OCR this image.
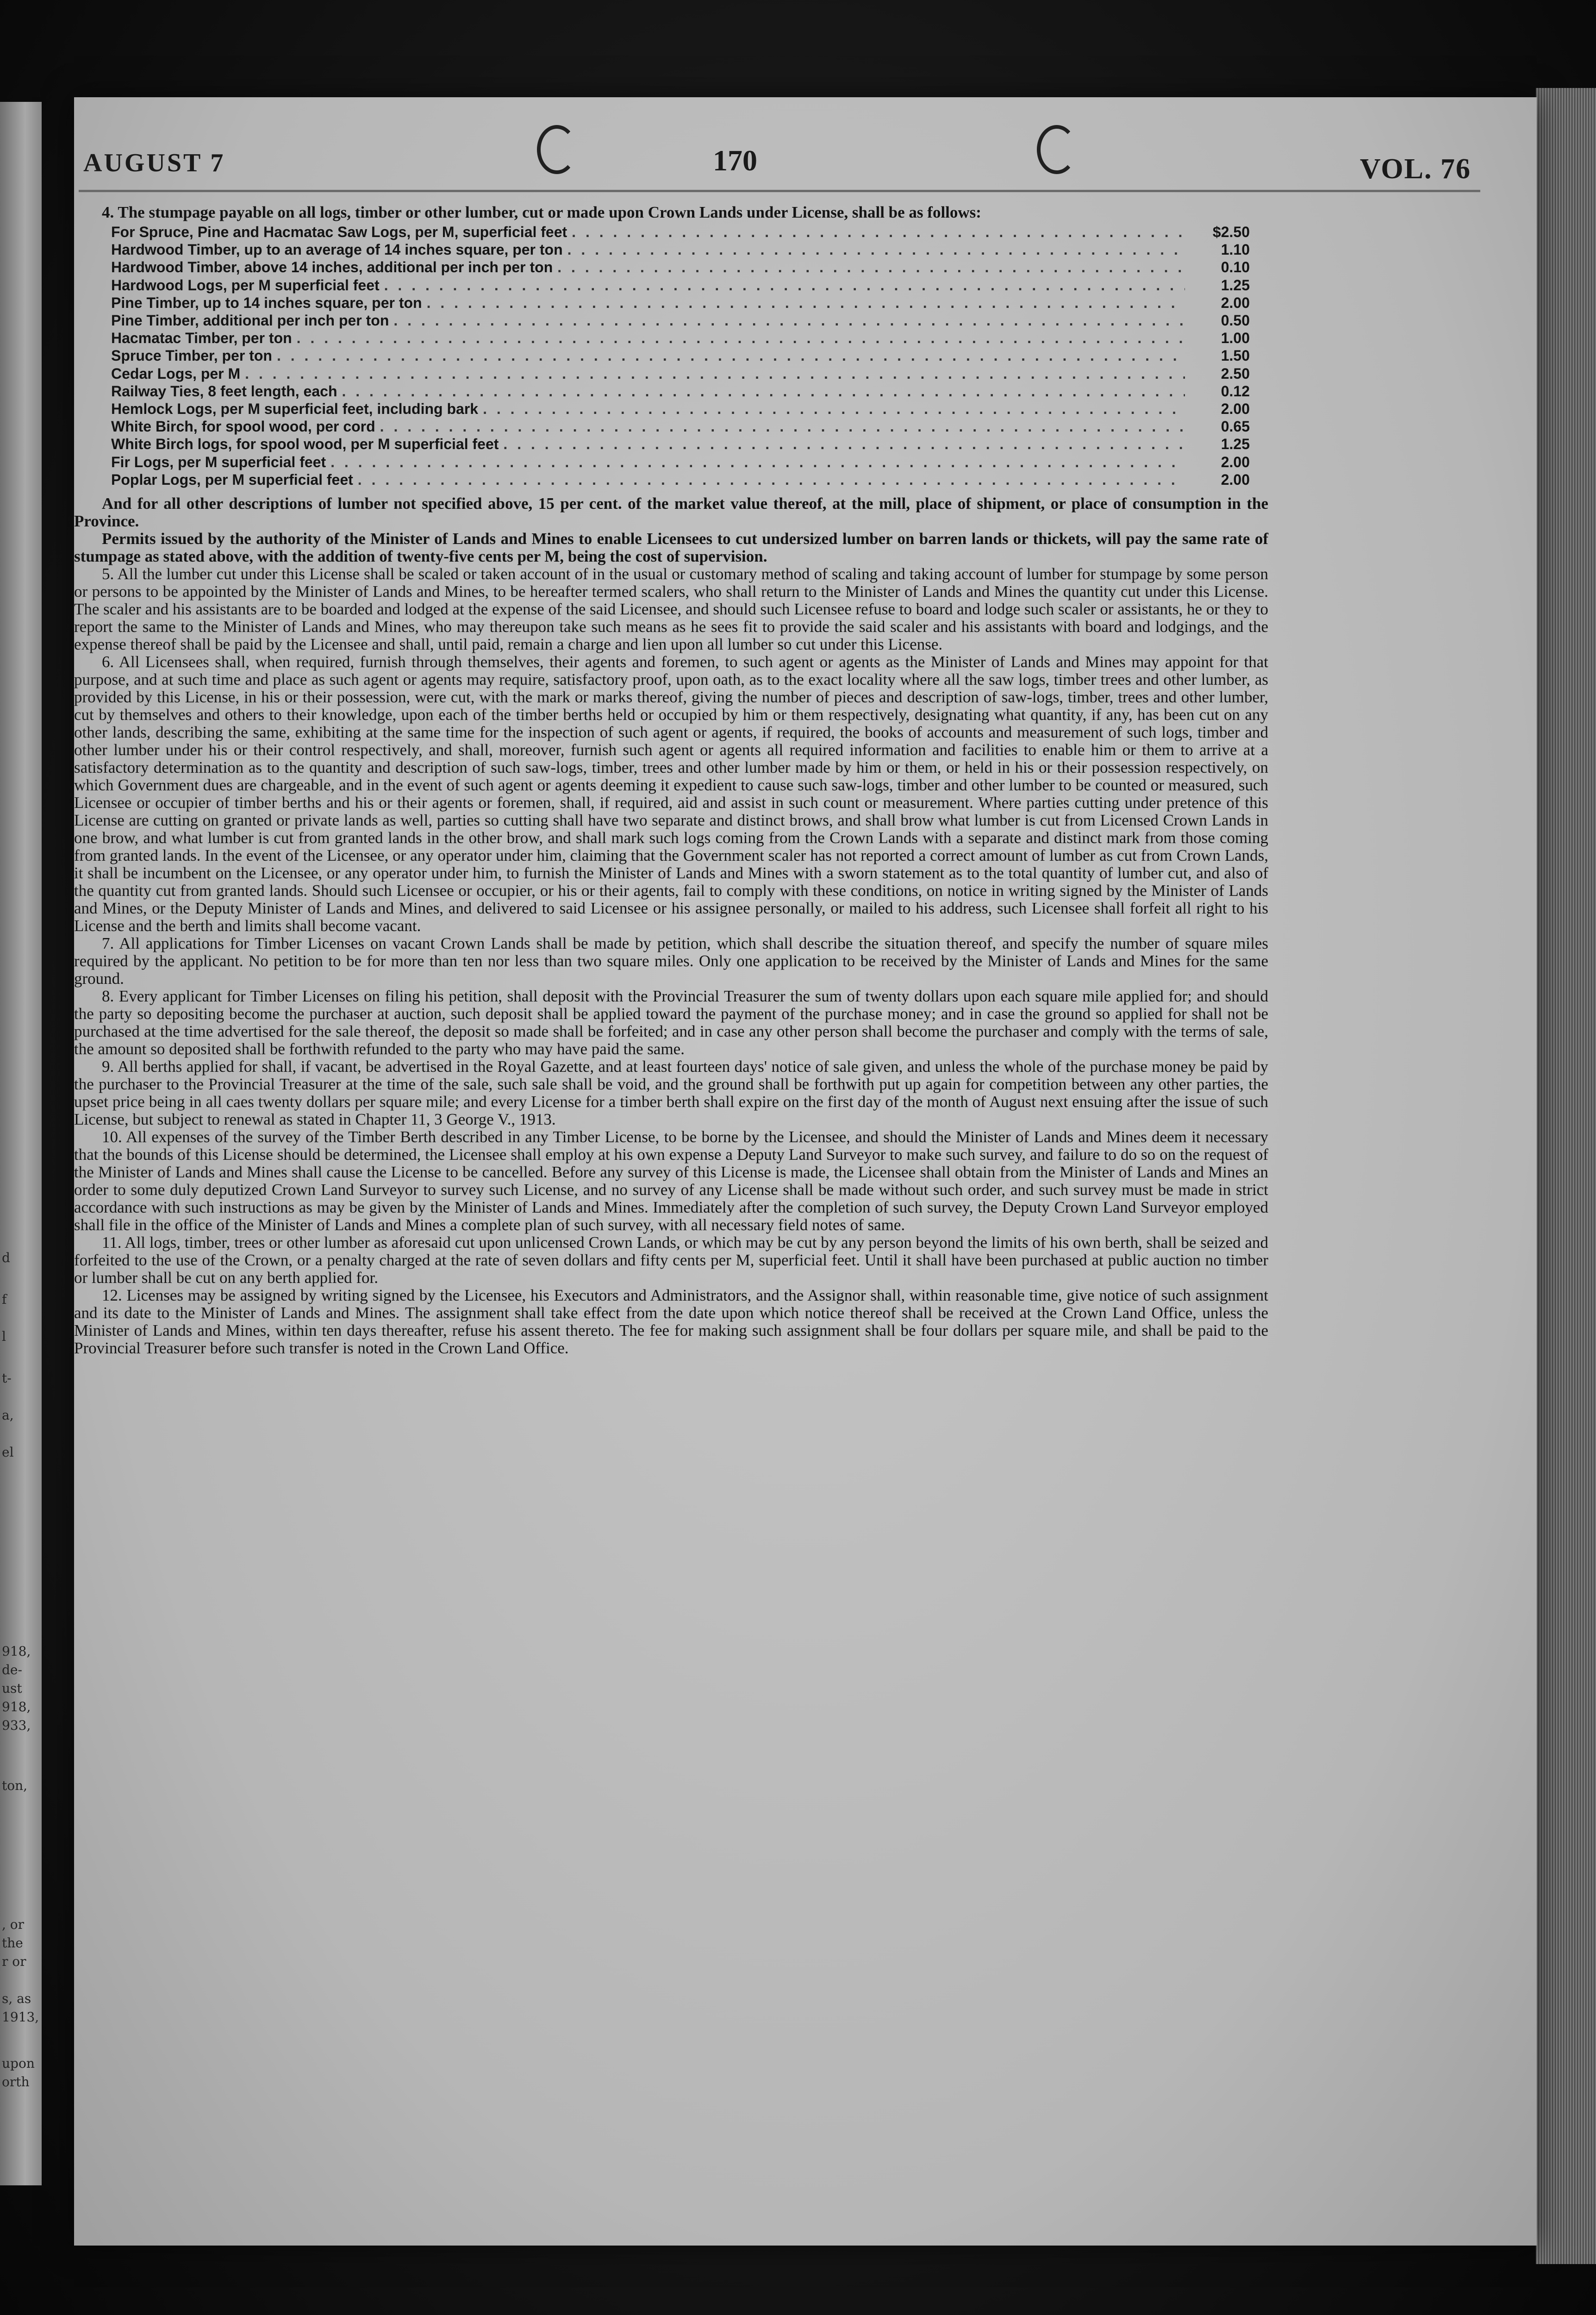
d
f
l
t-
a,
el
918,
de-
ust
918,
933,
ton,
, or
the
r or
s, as
1913,
upon
orth
AUGUST 7	170	VOL. 76

4. The stumpage payable on all logs, timber or other lumber, cut or made upon Crown Lands under License, shall be as follows:

For Spruce, Pine and Hacmatac Saw Logs, per M, superficial feet . . .	$2.50
Hardwood Timber, up to an average of 14 inches square, per ton . . .	1.10
Hardwood Timber, above 14 inches, additional per inch per ton . . .	0.10
Hardwood Logs, per M superficial feet . . .	1.25
Pine Timber, up to 14 inches square, per ton . . .	2.00
Pine Timber, additional per inch per ton . . .	0.50
Hacmatac Timber, per ton . . .	1.00
Spruce Timber, per ton . . .	1.50
Cedar Logs, per M . . .	2.50
Railway Ties, 8 feet length, each . . .	0.12
Hemlock Logs, per M superficial feet, including bark . . .	2.00
White Birch, for spool wood, per cord . . .	0.65
White Birch logs, for spool wood, per M superficial feet . . .	1.25
Fir Logs, per M superficial feet . . .	2.00
Poplar Logs, per M superficial feet . . .	2.00

And for all other descriptions of lumber not specified above, 15 per cent. of the market value thereof, at the mill, place of shipment, or place of consumption in the Province.

Permits issued by the authority of the Minister of Lands and Mines to enable Licensees to cut undersized lumber on barren lands or thickets, will pay the same rate of stumpage as stated above, with the addition of twenty-five cents per M, being the cost of supervision.

5. All the lumber cut under this License shall be scaled or taken account of in the usual or customary method of scaling and taking account of lumber for stumpage by some person or persons to be appointed by the Minister of Lands and Mines, to be hereafter termed scalers, who shall return to the Minister of Lands and Mines the quantity cut under this License. The scaler and his assistants are to be boarded and lodged at the expense of the said Licensee, and should such Licensee refuse to board and lodge such scaler or assistants, he or they to report the same to the Minister of Lands and Mines, who may thereupon take such means as he sees fit to provide the said scaler and his assistants with board and lodgings, and the expense thereof shall be paid by the Licensee and shall, until paid, remain a charge and lien upon all lumber so cut under this License.

6. All Licensees shall, when required, furnish through themselves, their agents and foremen, to such agent or agents as the Minister of Lands and Mines may appoint for that purpose, and at such time and place as such agent or agents may require, satisfactory proof, upon oath, as to the exact locality where all the saw logs, timber trees and other lumber, as provided by this License, in his or their possession, were cut, with the mark or marks thereof, giving the number of pieces and description of saw-logs, timber, trees and other lumber, cut by themselves and others to their knowledge, upon each of the timber berths held or occupied by him or them respectively, designating what quantity, if any, has been cut on any other lands, describing the same, exhibiting at the same time for the inspection of such agent or agents, if required, the books of accounts and measurement of such logs, timber and other lumber under his or their control respectively, and shall, moreover, furnish such agent or agents all required information and facilities to enable him or them to arrive at a satisfactory determination as to the quantity and description of such saw-logs, timber, trees and other lumber made by him or them, or held in his or their possession respectively, on which Government dues are chargeable, and in the event of such agent or agents deeming it expedient to cause such saw-logs, timber and other lumber to be counted or measured, such Licensee or occupier of timber berths and his or their agents or foremen, shall, if required, aid and assist in such count or measurement. Where parties cutting under pretence of this License are cutting on granted or private lands as well, parties so cutting shall have two separate and distinct brows, and shall brow what lumber is cut from Licensed Crown Lands in one brow, and what lumber is cut from granted lands in the other brow, and shall mark such logs coming from the Crown Lands with a separate and distinct mark from those coming from granted lands. In the event of the Licensee, or any operator under him, claiming that the Government scaler has not reported a correct amount of lumber as cut from Crown Lands, it shall be incumbent on the Licensee, or any operator under him, to furnish the Minister of Lands and Mines with a sworn statement as to the total quantity of lumber cut, and also of the quantity cut from granted lands. Should such Licensee or occupier, or his or their agents, fail to comply with these conditions, on notice in writing signed by the Minister of Lands and Mines, or the Deputy Minister of Lands and Mines, and delivered to said Licensee or his assignee personally, or mailed to his address, such Licensee shall forfeit all right to his License and the berth and limits shall become vacant.

7. All applications for Timber Licenses on vacant Crown Lands shall be made by petition, which shall describe the situation thereof, and specify the number of square miles required by the applicant. No petition to be for more than ten nor less than two square miles. Only one application to be received by the Minister of Lands and Mines for the same ground.

8. Every applicant for Timber Licenses on filing his petition, shall deposit with the Provincial Treasurer the sum of twenty dollars upon each square mile applied for; and should the party so depositing become the purchaser at auction, such deposit shall be applied toward the payment of the purchase money; and in case the ground so applied for shall not be purchased at the time advertised for the sale thereof, the deposit so made shall be forfeited; and in case any other person shall become the purchaser and comply with the terms of sale, the amount so deposited shall be forthwith refunded to the party who may have paid the same.

9. All berths applied for shall, if vacant, be advertised in the Royal Gazette, and at least fourteen days' notice of sale given, and unless the whole of the purchase money be paid by the purchaser to the Provincial Treasurer at the time of the sale, such sale shall be void, and the ground shall be forthwith put up again for competition between any other parties, the upset price being in all caes twenty dollars per square mile; and every License for a timber berth shall expire on the first day of the month of August next ensuing after the issue of such License, but subject to renewal as stated in Chapter 11, 3 George V., 1913.

10. All expenses of the survey of the Timber Berth described in any Timber License, to be borne by the Licensee, and should the Minister of Lands and Mines deem it necessary that the bounds of this License should be determined, the Licensee shall employ at his own expense a Deputy Land Surveyor to make such survey, and failure to do so on the request of the Minister of Lands and Mines shall cause the License to be cancelled. Before any survey of this License is made, the Licensee shall obtain from the Minister of Lands and Mines an order to some duly deputized Crown Land Surveyor to survey such License, and no survey of any License shall be made without such order, and such survey must be made in strict accordance with such instructions as may be given by the Minister of Lands and Mines. Immediately after the completion of such survey, the Deputy Crown Land Surveyor employed shall file in the office of the Minister of Lands and Mines a complete plan of such survey, with all necessary field notes of same.

11. All logs, timber, trees or other lumber as aforesaid cut upon unlicensed Crown Lands, or which may be cut by any person beyond the limits of his own berth, shall be seized and forfeited to the use of the Crown, or a penalty charged at the rate of seven dollars and fifty cents per M, superficial feet. Until it shall have been purchased at public auction no timber or lumber shall be cut on any berth applied for.

12. Licenses may be assigned by writing signed by the Licensee, his Executors and Administrators, and the Assignor shall, within reasonable time, give notice of such assignment and its date to the Minister of Lands and Mines. The assignment shall take effect from the date upon which notice thereof shall be received at the Crown Land Office, unless the Minister of Lands and Mines, within ten days thereafter, refuse his assent thereto. The fee for making such assignment shall be four dollars per square mile, and shall be paid to the Provincial Treasurer before such transfer is noted in the Crown Land Office.
